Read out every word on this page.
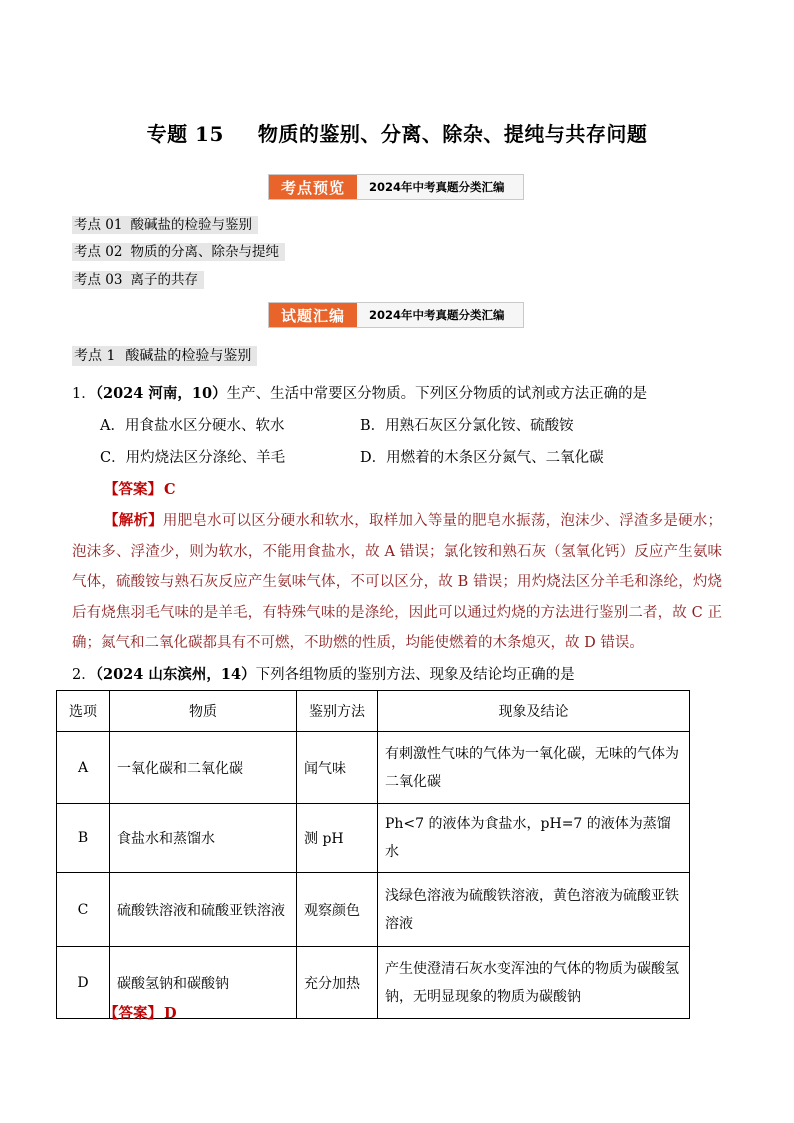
专题 15 物质的鉴别、分离、除杂、提纯与共存问题
考点预览	2024年中考真题分类汇编
考点 01 酸碱盐的检验与鉴别
考点 02 物质的分离、除杂与提纯
考点 03 离子的共存
试题汇编	2024年中考真题分类汇编
考点 1 酸碱盐的检验与鉴别
1．（2024 河南，10）生产、生活中常要区分物质。下列区分物质的试剂或方法正确的是
A．用食盐水区分硬水、软水	B．用熟石灰区分氯化铵、硫酸铵
C．用灼烧法区分涤纶、羊毛	D．用燃着的木条区分氮气、二氧化碳
【答案】 C
【解析】用肥皂水可以区分硬水和软水，取样加入等量的肥皂水振荡，泡沫少、浮渣多是硬水；泡沫多、浮渣少，则为软水，不能用食盐水，故 A 错误；氯化铵和熟石灰（氢氧化钙）反应产生氨味气体，硫酸铵与熟石灰反应产生氨味气体，不可以区分，故 B 错误；用灼烧法区分羊毛和涤纶，灼烧后有烧焦羽毛气味的是羊毛，有特殊气味的是涤纶，因此可以通过灼烧的方法进行鉴别二者，故 C 正确；氮气和二氧化碳都具有不可燃，不助燃的性质，均能使燃着的木条熄灭，故 D 错误。
2．（2024 山东滨州，14）下列各组物质的鉴别方法、现象及结论均正确的是
选项	物质	鉴别方法	现象及结论
A	一氧化碳和二氧化碳	闻气味	有刺激性气味的气体为一氧化碳，无味的气体为二氧化碳
B	食盐水和蒸馏水	测 pH	Ph<7 的液体为食盐水，pH=7 的液体为蒸馏水
C	硫酸铁溶液和硫酸亚铁溶液	观察颜色	浅绿色溶液为硫酸铁溶液，黄色溶液为硫酸亚铁溶液
D	碳酸氢钠和碳酸钠	充分加热	产生使澄清石灰水变浑浊的气体的物质为碳酸氢钠，无明显现象的物质为碳酸钠
【答案】 D
